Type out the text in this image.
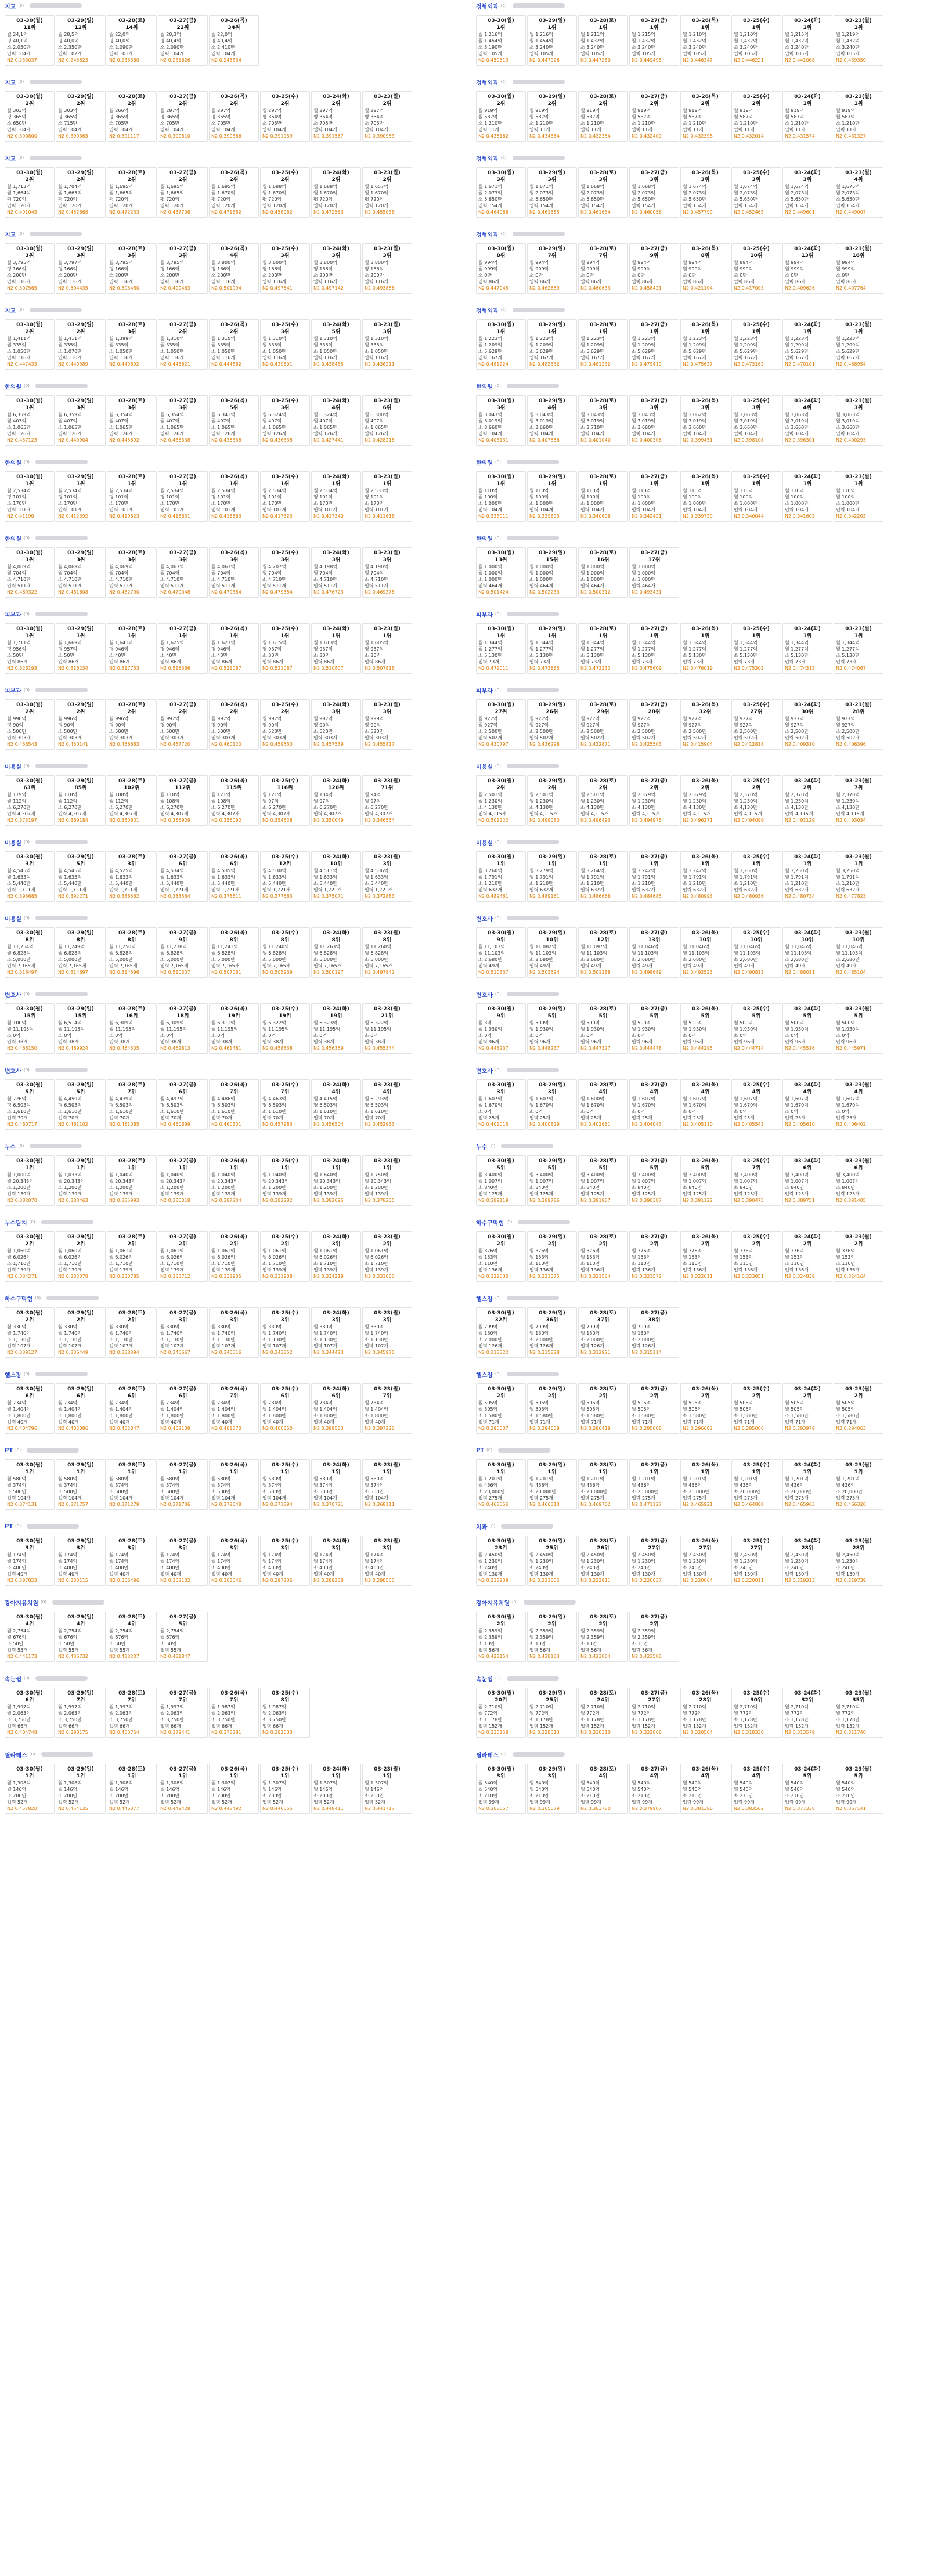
지교 (0)
03-30(월)
11위
월 24,1억
평 40,1억
소 2,050만
입력 104개
N2 0.253037
03-29(일)
12위
월 28,5억
평 40,0억
소 2,350만
입력 102개
N2 0.245823
03-28(토)
14위
월 22,0억
평 40,0억
소 2,090만
입력 101개
N2 0.235360
03-27(금)
22위
월 20,3억
평 40,4억
소 2,090만
입력 104개
N2 0.231626
03-26(목)
34위
월 22,0억
평 40,4억
소 2,410만
입력 104개
N2 0.245834
지교 (0)
03-30(월)
2위
월 303억
평 365억
소 650만
입력 104개
N2 0.390800
03-29(일)
2위
월 303억
평 365억
소 715만
입력 104개
N2 0.390363
03-28(토)
2위
월 266억
평 365억
소 705만
입력 104개
N2 0.391117
03-27(금)
2위
월 297억
평 365억
소 705만
입력 104개
N2 0.390810
03-26(목)
2위
월 297억
평 365억
소 705만
입력 104개
N2 0.390366
03-25(수)
2위
월 297억
평 364억
소 705만
입력 104개
N2 0.391959
03-24(화)
2위
월 297억
평 364억
소 705만
입력 104개
N2 0.391567
03-23(월)
2위
월 297억
평 364억
소 705만
입력 104개
N2 0.390953
지교 (0)
03-30(월)
2위
월 1,713억
월 1,664억
평 720억
입력 120개
N2 0.491043
03-29(일)
2위
월 1,704억
월 1,665억
평 720억
입력 120개
N2 0.457668
03-28(토)
2위
월 1,695억
월 1,665억
평 720억
입력 120개
N2 0.472233
03-27(금)
2위
월 1,695억
월 1,665억
평 720억
입력 120개
N2 0.457706
03-26(목)
2위
월 1,695억
월 1,670억
평 720억
입력 120개
N2 0.471582
03-25(수)
2위
월 1,688억
월 1,670억
평 720억
입력 120개
N2 0.458062
03-24(화)
2위
월 1,688억
월 1,670억
평 720억
입력 120개
N2 0.472563
03-23(월)
2위
월 1,657억
월 1,670억
평 720억
입력 120개
N2 0.455036
지교 (0)
03-30(월)
3위
월 3,795억
평 166억
소 200만
입력 116개
N2 0.507565
03-29(일)
3위
월 3,797억
평 166억
소 200만
입력 116개
N2 0.504435
03-28(토)
3위
월 3,795억
평 166억
소 200만
입력 116개
N2 0.505480
03-27(금)
3위
월 3,795억
평 166억
소 200만
입력 116개
N2 0.499463
03-26(목)
4위
월 3,800억
평 166억
소 200만
입력 116개
N2 0.501994
03-25(수)
3위
월 3,800억
평 166억
소 200만
입력 116개
N2 0.497541
03-24(화)
3위
월 3,800억
평 166억
소 200만
입력 116개
N2 0.497142
03-23(월)
3위
월 3,800억
평 166억
소 200만
입력 116개
N2 0.493856
지교 (0)
03-30(월)
2위
월 1,411억
월 335억
소 1,050만
입력 116개
N2 0.447433
03-29(일)
2위
월 1,411억
월 335억
소 1,070만
입력 116개
N2 0.449389
03-28(토)
3위
월 1,399억
월 335억
소 1,050만
입력 116개
N2 0.449692
03-27(금)
2위
월 1,310억
월 335억
소 1,050만
입력 116개
N2 0.446621
03-26(목)
2위
월 1,310억
월 335억
소 1,050만
입력 116개
N2 0.444862
03-25(수)
3위
월 1,310억
월 335억
소 1,050만
입력 116개
N2 0.439601
03-24(화)
5위
월 1,310억
월 335억
소 1,050만
입력 116개
N2 0.438455
03-23(월)
3위
월 1,310억
월 335억
소 1,050만
입력 116개
N2 0.436211
한의원 (0)
03-30(월)
3위
월 6,359억
월 407억
소 1,065만
입력 126개
N2 0.457123
03-29(일)
3위
월 6,359억
월 407억
소 1,065만
입력 126개
N2 0.449904
03-28(토)
3위
월 6,354억
월 407억
소 1,065만
입력 126개
N2 0.445692
03-27(금)
3위
월 6,354억
월 407억
소 1,065만
입력 126개
N2 0.436338
03-26(목)
5위
월 6,341억
월 407억
소 1,065만
입력 126개
N2 0.436338
03-25(수)
3위
월 6,324억
월 407억
소 1,065만
입력 126개
N2 0.436338
03-24(화)
4위
월 6,324억
월 407억
소 1,065만
입력 126개
N2 0.427441
03-23(월)
6위
월 6,300억
월 407억
소 1,065만
입력 126개
N2 0.428218
한의원 (0)
03-30(월)
1위
월 2,534억
평 101억
소 170만
입력 101개
N2 0.41190
03-29(일)
1위
월 2,534억
평 101억
소 170만
입력 101개
N2 0.412392
03-28(토)
1위
월 2,534억
평 101억
소 170만
입력 101개
N2 0.419823
03-27(금)
1위
월 2,534억
평 101억
소 170만
입력 101개
N2 0.418831
03-26(목)
1위
월 2,534억
평 101억
소 170만
입력 101개
N2 0.416563
03-25(수)
1위
월 2,534억
평 101억
소 170만
입력 101개
N2 0.417323
03-24(화)
1위
월 2,534억
평 101억
소 170만
입력 101개
N2 0.417340
03-23(월)
1위
월 2,533억
평 101억
소 170만
입력 101개
N2 0.411616
한의원 (0)
03-30(월)
3위
월 4,069억
월 704억
소 4,710만
입력 511개
N2 0.469322
03-29(일)
3위
월 4,069억
월 704억
소 4,710만
입력 511개
N2 0.481608
03-28(토)
3위
월 4,069억
월 704억
소 4,710만
입력 511개
N2 0.482790
03-27(금)
3위
월 4,063억
월 704억
소 4,710만
입력 511개
N2 0.470048
03-26(목)
3위
월 4,063억
월 704억
소 4,710만
입력 511개
N2 0.479384
03-25(수)
3위
월 4,207억
월 704억
소 4,710만
입력 511개
N2 0.479384
03-24(화)
3위
월 4,198억
월 704억
소 4,710만
입력 511개
N2 0.476723
03-23(월)
3위
월 4,190억
월 704억
소 4,710만
입력 511개
N2 0.469378
피부과 (0)
03-30(월)
1위
월 1,711억
평 956억
소 50만
입력 86개
N2 0.526193
03-29(일)
1위
월 1,669억
평 957억
소 50만
입력 86개
N2 0.516234
03-28(토)
1위
월 1,641억
평 946억
소 40만
입력 86개
N2 0.517753
03-27(금)
1위
월 1,625억
평 946억
소 40만
입력 86개
N2 0.515366
03-26(목)
1위
월 1,623억
평 946억
소 40만
입력 86개
N2 0.521087
03-25(수)
1위
월 1,615억
평 937억
소 30만
입력 86개
N2 0.521087
03-24(화)
1위
월 1,613억
평 937억
소 30만
입력 86개
N2 0.510807
03-23(월)
1위
월 1,605억
평 937억
소 30만
입력 86개
N2 0.507816
피부과 (0)
03-30(월)
2위
월 998억
평 90억
소 500만
입력 303개
N2 0.456543
03-29(일)
2위
월 996억
평 90억
소 500만
입력 303개
N2 0.450141
03-28(토)
2위
월 996억
평 90억
소 500만
입력 303개
N2 0.456683
03-27(금)
2위
월 997억
평 90억
소 500만
입력 303개
N2 0.457720
03-26(목)
2위
월 997억
평 90억
소 500만
입력 303개
N2 0.460120
03-25(수)
2위
월 997억
평 90억
소 520만
입력 303개
N2 0.459530
03-24(화)
3위
월 997억
평 90억
소 520만
입력 303개
N2 0.457539
03-23(월)
3위
월 999억
평 90억
소 520만
입력 303개
N2 0.455817
미용실 (0)
03-30(월)
63위
월 119억
월 112억
소 6,270만
입력 4,307개
N2 0.373197
03-29(일)
85위
월 118억
월 112억
소 6,270만
입력 4,307개
N2 0.369184
03-28(토)
102위
월 108억
월 112억
소 6,270만
입력 4,307개
N2 0.360601
03-27(금)
112위
월 118억
월 108억
소 6,270만
입력 4,307개
N2 0.356929
03-26(목)
115위
월 121억
월 108억
소 6,270만
입력 4,307개
N2 0.356092
03-25(수)
116위
월 121억
월 97억
소 6,270만
입력 4,307개
N2 0.354528
03-24(화)
120위
월 104억
월 97억
소 6,270만
입력 4,307개
N2 0.350049
03-23(월)
71위
월 94억
월 97억
소 6,270만
입력 4,307개
N2 0.346554
미용실 (0)
03-30(월)
3위
월 4,545억
월 1,633억
소 5,440만
입력 1,721개
N2 0.393685
03-29(일)
5위
월 4,545억
월 1,633억
소 5,440만
입력 1,721개
N2 0.392271
03-28(토)
3위
월 4,525억
월 1,633억
소 5,440만
입력 1,721개
N2 0.388562
03-27(금)
6위
월 4,534억
월 1,633억
소 5,440만
입력 1,721개
N2 0.383564
03-26(목)
6위
월 4,535억
월 1,633억
소 5,440만
입력 1,721개
N2 0.378611
03-25(수)
12위
월 4,530억
월 1,633억
소 5,440만
입력 1,721개
N2 0.377663
03-24(화)
10위
월 4,511억
월 1,633억
소 5,440만
입력 1,721개
N2 0.375071
03-23(월)
3위
월 4,536억
월 1,633억
소 5,440만
입력 1,721개
N2 0.372883
미용실 (0)
03-30(월)
8위
월 11,254억
월 6,828억
소 5,000만
입력 7,165개
N2 0.518497
03-29(일)
8위
월 11,249억
월 6,828억
소 5,000만
입력 7,165개
N2 0.514697
03-28(토)
8위
월 11,250억
월 6,828억
소 5,000만
입력 7,165개
N2 0.514596
03-27(금)
9위
월 11,238억
월 6,828억
소 5,000만
입력 7,165개
N2 0.510307
03-26(목)
8위
월 11,241억
월 6,828억
소 5,000만
입력 7,165개
N2 0.507061
03-25(수)
8위
월 11,240억
월 6,828억
소 5,000만
입력 7,165개
N2 0.505939
03-24(화)
8위
월 11,263억
월 6,828억
소 5,000만
입력 7,165개
N2 0.500197
03-23(월)
8위
월 11,260억
월 6,828억
소 5,000만
입력 7,165개
N2 0.497842
변호사 (0)
03-30(월)
15위
월 100억
월 11,195억
소 0억
입력 38개
N2 0.466150
03-29(일)
15위
월 6,514억
월 11,195억
소 0억
입력 38개
N2 0.469924
03-28(토)
16위
월 6,309억
월 11,195억
소 0억
입력 38개
N2 0.464505
03-27(금)
18위
월 6,309억
월 11,195억
소 0억
입력 38개
N2 0.462813
03-26(목)
19위
월 6,311억
월 11,195억
소 0억
입력 38개
N2 0.461481
03-25(수)
19위
월 6,322억
월 11,195억
소 0억
입력 38개
N2 0.458338
03-24(화)
19위
월 6,323억
월 11,195억
소 0억
입력 38개
N2 0.456359
03-23(월)
21위
월 6,322억
월 11,195억
소 0억
입력 38개
N2 0.455344
변호사 (0)
03-30(월)
5위
월 726억
평 6,503억
소 1,610만
입력 70개
N2 0.460717
03-29(일)
5위
월 4,459억
평 6,503억
소 1,610만
입력 70개
N2 0.461102
03-28(토)
7위
월 4,439억
평 6,503억
소 1,610만
입력 70개
N2 0.461085
03-27(금)
6위
월 4,497억
평 6,503억
소 1,610만
입력 70개
N2 0.460699
03-26(목)
7위
월 4,486억
평 6,503억
소 1,610만
입력 70개
N2 0.460301
03-25(수)
7위
월 4,463억
평 6,503억
소 1,610만
입력 70개
N2 0.457983
03-24(화)
4위
월 4,415억
평 6,503억
소 1,610만
입력 70개
N2 0.456504
03-23(월)
4위
월 6,293억
평 6,503억
소 1,610만
입력 70개
N2 0.452933
누수 (0)
03-30(월)
1위
월 1,000억
월 20,343억
소 1,200만
입력 139개
N2 0.382070
03-29(일)
1위
월 1,033억
월 20,343억
소 1,200만
입력 139개
N2 0.383463
03-28(토)
1위
월 1,040억
월 20,343억
소 1,200만
입력 139개
N2 0.385993
03-27(금)
1위
월 1,040억
월 20,343억
소 1,200만
입력 139개
N2 0.386018
03-26(목)
1위
월 1,040억
월 20,343억
소 1,200만
입력 139개
N2 0.387204
03-25(수)
1위
월 1,040억
월 20,343억
소 1,200만
입력 139개
N2 0.382282
03-24(화)
1위
월 1,640억
월 20,343억
소 1,200만
입력 139개
N2 0.382095
03-23(월)
1위
월 1,750억
월 20,343억
소 1,200만
입력 139개
N2 0.378205
누수탐지 (0)
03-30(월)
2위
월 1,060억
월 6,026억
소 1,710만
입력 139개
N2 0.334271
03-29(일)
2위
월 1,060억
월 6,026억
소 1,710만
입력 139개
N2 0.332378
03-28(토)
2위
월 1,061억
월 6,026억
소 1,710만
입력 139개
N2 0.333785
03-27(금)
2위
월 1,061억
월 6,026억
소 1,710만
입력 139개
N2 0.333712
03-26(목)
2위
월 1,061억
월 6,026억
소 1,710만
입력 139개
N2 0.332905
03-25(수)
2위
월 1,061억
월 6,026억
소 1,710만
입력 139개
N2 0.331908
03-24(화)
3위
월 1,061억
월 6,026억
소 1,710만
입력 139개
N2 0.334219
03-23(월)
2위
월 1,061억
월 6,026억
소 1,710만
입력 139개
N2 0.331060
하수구막힘 (0)
03-30(월)
2위
월 330억
월 1,740억
소 1,130만
입력 107개
N2 0.339127
03-29(일)
2위
월 330억
월 1,740억
소 1,130만
입력 107개
N2 0.336449
03-28(토)
2위
월 330억
월 1,740억
소 1,130만
입력 107개
N2 0.338394
03-27(금)
3위
월 330억
월 1,740억
소 1,130만
입력 107개
N2 0.346667
03-26(목)
3위
월 330억
월 1,740억
소 1,130만
입력 107개
N2 0.340516
03-25(수)
3위
월 330억
월 1,740억
소 1,130만
입력 107개
N2 0.343852
03-24(화)
3위
월 330억
월 1,740억
소 1,130만
입력 107개
N2 0.344423
03-23(월)
3위
월 330억
월 1,740억
소 1,130만
입력 107개
N2 0.345970
헬스장 (0)
03-30(월)
6위
월 734억
월 1,404억
소 1,800만
입력 40개
N2 0.404796
03-29(일)
6위
월 734억
월 1,404억
소 1,800만
입력 40개
N2 0.402086
03-28(토)
6위
월 734억
월 1,404억
소 1,800만
입력 40개
N2 0.402047
03-27(금)
6위
월 734억
월 1,404억
소 1,800만
입력 40개
N2 0.402139
03-26(목)
7위
월 734억
월 1,404억
소 1,800만
입력 40개
N2 0.401870
03-25(수)
6위
월 734억
월 1,404억
소 1,800만
입력 40개
N2 0.400350
03-24(화)
6위
월 734억
월 1,404억
소 1,800만
입력 40개
N2 0.399563
03-23(월)
7위
월 734억
월 1,404억
소 1,800만
입력 40개
N2 0.397226
PT (0)
03-30(월)
1위
월 580억
월 374억
소 500만
입력 104개
N2 0.374131
03-29(일)
1위
월 580억
월 374억
소 500만
입력 104개
N2 0.371757
03-28(토)
1위
월 580억
월 374억
소 500만
입력 104개
N2 0.371279
03-27(금)
1위
월 580억
월 374억
소 500만
입력 104개
N2 0.371736
03-26(목)
1위
월 580억
월 374억
소 500만
입력 104개
N2 0.372648
03-25(수)
1위
월 580억
월 374억
소 500만
입력 104개
N2 0.371894
03-24(화)
1위
월 580억
월 374억
소 500만
입력 104개
N2 0.370721
03-23(월)
1위
월 580억
월 374억
소 500만
입력 104개
N2 0.368111
PT (0)
03-30(월)
3위
월 174억
월 174억
소 400만
입력 40개
N2 0.297823
03-29(일)
3위
월 174억
월 174억
소 400만
입력 40개
N2 0.300115
03-28(토)
3위
월 174억
월 174억
소 400만
입력 40개
N2 0.306496
03-27(금)
3위
월 174억
월 174억
소 400만
입력 40개
N2 0.302102
03-26(목)
3위
월 174억
월 174억
소 400만
입력 40개
N2 0.303046
03-25(수)
3위
월 174억
월 174억
소 400만
입력 40개
N2 0.297236
03-24(화)
3위
월 174억
월 174억
소 400만
입력 40개
N2 0.299258
03-23(월)
3위
월 174억
월 174억
소 400만
입력 40개
N2 0.298555
강아지유치원 (0)
03-30(월)
4위
월 2,754억
월 676억
소 50만
입력 55개
N2 0.441173
03-29(일)
4위
월 2,754억
월 676억
소 50만
입력 55개
N2 0.436732
03-28(토)
4위
월 2,754억
월 676억
소 50만
입력 55개
N2 0.433207
03-27(금)
5위
월 2,754억
월 676억
소 50만
입력 55개
N2 0.431847
속눈썹 (0)
03-30(월)
6위
월 1,997억
월 2,063억
소 3,750만
입력 66개
N2 0.404748
03-29(일)
7위
월 1,997억
월 2,063억
소 3,750만
입력 66개
N2 0.398175
03-28(토)
7위
월 1,997억
월 2,063억
소 3,750만
입력 66개
N2 0.403754
03-27(금)
7위
월 1,997억
월 2,063억
소 3,750만
입력 66개
N2 0.379441
03-26(목)
7위
월 1,987억
월 2,063억
소 3,750만
입력 66개
N2 0.378281
03-25(수)
8위
월 1,987억
월 2,063억
소 3,750만
입력 66개
N2 0.382633
필라테스 (0)
03-30(월)
1위
월 1,308억
월 146억
소 200만
입력 52개
N2 0.457820
03-29(일)
1위
월 1,308억
월 146억
소 200만
입력 52개
N2 0.454135
03-28(토)
1위
월 1,308억
월 146억
소 200만
입력 52개
N2 0.446377
03-27(금)
1위
월 1,308억
월 146억
소 200만
입력 52개
N2 0.449428
03-26(목)
1위
월 1,307억
월 146억
소 200만
입력 52개
N2 0.448492
03-25(수)
1위
월 1,307억
월 146억
소 200만
입력 52개
N2 0.446555
03-24(화)
1위
월 1,307억
월 146억
소 200만
입력 52개
N2 0.448411
03-23(월)
1위
월 1,307억
월 146억
소 200만
입력 52개
N2 0.441717
정형외과 (0)
03-30(월)
1위
월 1,216억
월 1,454억
소 3,190만
입력 105개
N2 0.450613
03-29(일)
1위
월 1,216억
월 1,454억
소 3,240만
입력 105개
N2 0.447926
03-28(토)
1위
월 1,211억
월 1,432억
소 3,240만
입력 105개
N2 0.447260
03-27(금)
1위
월 1,215억
월 1,432억
소 3,240만
입력 105개
N2 0.449495
03-26(목)
1위
월 1,210억
월 1,432억
소 3,240만
입력 105개
N2 0.446347
03-25(수)
1위
월 1,210억
월 1,432억
소 3,240만
입력 105개
N2 0.446221
03-24(화)
1위
월 1,215억
월 1,432억
소 3,240만
입력 105개
N2 0.441068
03-23(월)
1위
월 1,219억
월 1,432억
소 3,240만
입력 105개
N2 0.439350
정형외과 (0)
03-30(월)
2위
월 919억
월 587억
소 1,210만
입력 11개
N2 0.436162
03-29(일)
2위
월 919억
월 587억
소 1,210만
입력 11개
N2 0.434364
03-28(토)
2위
월 919억
월 587억
소 1,210만
입력 11개
N2 0.432384
03-27(금)
2위
월 919억
월 587억
소 1,210만
입력 11개
N2 0.432400
03-26(목)
2위
월 919억
월 587억
소 1,210만
입력 11개
N2 0.432398
03-25(수)
2위
월 919억
월 587억
소 1,210만
입력 11개
N2 0.432014
03-24(화)
1위
월 919억
월 587억
소 1,210만
입력 11개
N2 0.431574
03-23(월)
1위
월 919억
월 587억
소 1,210만
입력 11개
N2 0.431327
정형외과 (0)
03-30(월)
3위
월 1,671억
월 2,073억
소 5,650만
입력 154개
N2 0.464066
03-29(일)
3위
월 1,671억
월 2,073억
소 5,650만
입력 154개
N2 0.461585
03-28(토)
3위
월 1,668억
월 2,073억
소 5,650만
입력 154개
N2 0.461684
03-27(금)
3위
월 1,668억
월 2,073억
소 5,650만
입력 154개
N2 0.460056
03-26(목)
3위
월 1,674억
월 2,073억
소 5,650만
입력 154개
N2 0.457799
03-25(수)
3위
월 1,674억
월 2,073억
소 5,650만
입력 154개
N2 0.452465
03-24(화)
3위
월 1,674억
월 2,073억
소 5,650만
입력 154개
N2 0.449601
03-23(월)
4위
월 1,675억
월 2,073억
소 5,650만
입력 154개
N2 0.449007
정형외과 (0)
03-30(월)
8위
월 994억
월 999억
소 0만
입력 86개
N2 0.447045
03-29(일)
7위
월 994억
월 999억
소 0만
입력 86개
N2 0.462659
03-28(토)
7위
월 994억
월 999억
소 0만
입력 86개
N2 0.460633
03-27(금)
9위
월 994억
월 999억
소 0만
입력 86개
N2 0.458421
03-26(목)
8위
월 994억
월 999억
소 0만
입력 86개
N2 0.421104
03-25(수)
10위
월 994억
월 999억
소 0만
입력 86개
N2 0.417003
03-24(화)
13위
월 994억
월 999억
소 0만
입력 86개
N2 0.409626
03-23(월)
16위
월 994억
월 999억
소 0만
입력 86개
N2 0.407764
정형외과 (0)
03-30(월)
1위
월 1,223억
월 1,209억
소 5,629만
입력 167개
N2 0.481224
03-29(일)
1위
월 1,223억
월 1,209억
소 5,629만
입력 167개
N2 0.482332
03-28(토)
1위
월 1,223억
월 1,209억
소 5,629만
입력 167개
N2 0.481232
03-27(금)
1위
월 1,223억
월 1,209억
소 5,629만
입력 167개
N2 0.479419
03-26(목)
1위
월 1,223억
월 1,209억
소 5,629만
입력 167개
N2 0.475637
03-25(수)
1위
월 1,223억
월 1,209억
소 5,629만
입력 167개
N2 0.473163
03-24(화)
1위
월 1,223억
월 1,209억
소 5,629만
입력 167개
N2 0.470101
03-23(월)
1위
월 1,223억
월 1,209억
소 5,629만
입력 167개
N2 0.468954
한의원 (0)
03-30(월)
3위
월 3,043억
월 3,019억
소 3,660만
입력 104개
N2 0.403131
03-29(일)
4위
월 3,043억
월 3,019억
소 3,660만
입력 104개
N2 0.407556
03-28(토)
3위
월 3,043억
월 3,019억
소 3,710만
입력 104개
N2 0.401040
03-27(금)
3위
월 3,043억
월 3,019억
소 3,660만
입력 104개
N2 0.400306
03-26(목)
3위
월 3,062억
월 3,019억
소 3,660만
입력 104개
N2 0.399451
03-25(수)
3위
월 3,063억
월 3,019억
소 3,660만
입력 104개
N2 0.398108
03-24(화)
4위
월 3,063억
월 3,019억
소 3,660만
입력 104개
N2 0.396301
03-23(월)
3위
월 3,063억
월 3,019억
소 3,660만
입력 104개
N2 0.400293
한의원 (0)
03-30(월)
1위
월 110억
월 100억
소 1,000만
입력 104개
N2 0.338911
03-29(일)
1위
월 110억
월 100억
소 1,000만
입력 104개
N2 0.339693
03-28(토)
1위
월 110억
월 100억
소 1,000만
입력 104개
N2 0.340606
03-27(금)
1위
월 110억
월 100억
소 1,000만
입력 104개
N2 0.342421
03-26(목)
1위
월 110억
월 100억
소 1,000만
입력 104개
N2 0.339739
03-25(수)
1위
월 110억
월 100억
소 1,000만
입력 104개
N2 0.340044
03-24(화)
1위
월 110억
월 100억
소 1,000만
입력 104개
N2 0.341603
03-23(월)
1위
월 110억
월 100억
소 1,000만
입력 104개
N2 0.342203
한의원 (0)
03-30(월)
13위
월 1,000억
월 1,000억
소 1,000만
입력 464개
N2 0.501424
03-29(일)
15위
월 1,000억
월 1,000억
소 1,000만
입력 464개
N2 0.502233
03-28(토)
16위
월 1,000억
월 1,000억
소 1,000만
입력 464개
N2 0.500312
03-27(금)
17위
월 1,000억
월 1,000억
소 1,000만
입력 464개
N2 0.493431
피부과 (0)
03-30(월)
1위
월 1,344억
월 1,277억
소 5,130만
입력 73개
N2 0.479011
03-29(일)
1위
월 1,344억
월 1,277억
소 5,130만
입력 73개
N2 0.473865
03-28(토)
1위
월 1,344억
월 1,277억
소 5,130만
입력 73개
N2 0.473232
03-27(금)
1위
월 1,344억
월 1,277억
소 5,130만
입력 73개
N2 0.475609
03-26(목)
1위
월 1,344억
월 1,277억
소 5,130만
입력 73개
N2 0.476019
03-25(수)
1위
월 1,344억
월 1,277억
소 5,130만
입력 73개
N2 0.475302
03-24(화)
1위
월 1,344억
월 1,277억
소 5,130만
입력 73개
N2 0.474313
03-23(월)
1위
월 1,344억
월 1,277억
소 5,130만
입력 73개
N2 0.474067
피부과 (0)
03-30(월)
27위
월 927억
월 927억
소 2,500만
입력 502개
N2 0.430797
03-29(일)
26위
월 927억
월 927억
소 2,500만
입력 502개
N2 0.436298
03-28(토)
29위
월 927억
월 927억
소 2,500만
입력 502개
N2 0.432871
03-27(금)
28위
월 927억
월 927억
소 2,500만
입력 502개
N2 0.425503
03-26(목)
32위
월 927억
월 927억
소 2,500만
입력 502개
N2 0.415904
03-25(수)
27위
월 927억
월 927억
소 2,500만
입력 502개
N2 0.412818
03-24(화)
30위
월 927억
월 927억
소 2,500만
입력 502개
N2 0.409310
03-23(월)
28위
월 927억
월 927억
소 2,500만
입력 502개
N2 0.406396
미용실 (0)
03-30(월)
2위
월 2,501억
월 1,230억
소 4,130만
입력 4,115개
N2 0.501222
03-29(일)
2위
월 2,501억
월 1,230억
소 4,130만
입력 4,115개
N2 0.499080
03-28(토)
2위
월 2,501억
월 1,230억
소 4,130만
입력 4,115개
N2 0.496493
03-27(금)
2위
월 2,379억
월 1,230억
소 4,130만
입력 4,115개
N2 0.494975
03-26(목)
2위
월 2,379억
월 1,230억
소 4,130만
입력 4,115개
N2 0.496271
03-25(수)
2위
월 2,370억
월 1,230억
소 4,130만
입력 4,115개
N2 0.494099
03-24(화)
2위
월 2,370억
월 1,230억
소 4,130만
입력 4,115개
N2 0.491129
03-23(월)
7위
월 2,370억
월 1,230억
소 4,130만
입력 4,115개
N2 0.493034
미용실 (0)
03-30(월)
1위
월 3,260억
월 1,791억
소 1,210만
입력 632개
N2 0.489461
03-29(일)
1위
월 3,279억
월 1,791억
소 1,210만
입력 632개
N2 0.489161
03-28(토)
1위
월 3,264억
월 1,791억
소 1,210만
입력 632개
N2 0.486666
03-27(금)
1위
월 3,242억
월 1,791억
소 1,210만
입력 632개
N2 0.484685
03-26(목)
1위
월 3,242억
월 1,791억
소 1,210만
입력 632개
N2 0.480993
03-25(수)
1위
월 3,250억
월 1,791억
소 1,210만
입력 632개
N2 0.480036
03-24(화)
1위
월 3,250억
월 1,791억
소 1,210만
입력 632개
N2 0.480734
03-23(월)
1위
월 3,250억
월 1,791억
소 1,210만
입력 632개
N2 0.477823
변호사 (0)
03-30(월)
9위
월 11,103억
월 11,103억
소 2,680만
입력 49개
N2 0.510337
03-29(일)
10위
월 11,082억
월 11,103억
소 2,680만
입력 49개
N2 0.503594
03-28(토)
12위
월 11,097억
월 11,103억
소 2,680만
입력 49개
N2 0.501288
03-27(금)
13위
월 11,046억
월 11,103억
소 2,680만
입력 49개
N2 0.498689
03-26(목)
10위
월 11,046억
월 11,103억
소 2,680만
입력 49개
N2 0.492523
03-25(수)
10위
월 11,046억
월 11,103억
소 2,680만
입력 49개
N2 0.490813
03-24(화)
10위
월 11,046억
월 11,103억
소 2,680만
입력 49개
N2 0.488011
03-23(월)
10위
월 11,046억
월 11,103억
소 2,680만
입력 49개
N2 0.485104
변호사 (0)
03-30(월)
9위
월 3억
월 1,930억
소 0억
입력 96개
N2 0.448237
03-29(일)
5위
월 500억
월 1,930억
소 0억
입력 96개
N2 0.448237
03-28(토)
5위
월 500억
월 1,930억
소 0억
입력 96개
N2 0.447327
03-27(금)
5위
월 500억
월 1,930억
소 0억
입력 96개
N2 0.444478
03-26(목)
5위
월 500억
월 1,930억
소 0억
입력 96개
N2 0.444295
03-25(수)
5위
월 500억
월 1,930억
소 0억
입력 96개
N2 0.444714
03-24(화)
5위
월 500억
월 1,930억
소 0억
입력 96개
N2 0.445516
03-23(월)
5위
월 500억
월 1,930억
소 0억
입력 96개
N2 0.445971
변호사 (0)
03-30(월)
3위
월 1,607억
월 1,670억
소 0억
입력 25개
N2 0.401015
03-29(일)
3위
월 1,607억
월 1,670억
소 0억
입력 25개
N2 0.400829
03-28(토)
4위
월 1,600억
월 1,670억
소 0억
입력 25개
N2 0.402661
03-27(금)
4위
월 1,607억
월 1,670억
소 0억
입력 25개
N2 0.404043
03-26(목)
4위
월 1,607억
월 1,670억
소 0억
입력 25개
N2 0.405110
03-25(수)
4위
월 1,607억
월 1,670억
소 0억
입력 25개
N2 0.405543
03-24(화)
4위
월 1,607억
월 1,670억
소 0억
입력 25개
N2 0.405610
03-23(월)
4위
월 1,607억
월 1,670억
소 0억
입력 25개
N2 0.406402
누수 (0)
03-30(월)
5위
월 3,400억
월 1,007억
소 840만
입력 125개
N2 0.389119
03-29(일)
5위
월 3,400억
월 1,007억
소 840만
입력 125개
N2 0.389786
03-28(토)
5위
월 3,400억
월 1,007억
소 840만
입력 125개
N2 0.391967
03-27(금)
5위
월 3,400억
월 1,007억
소 840만
입력 125개
N2 0.390387
03-26(목)
5위
월 3,400억
월 1,007억
소 840만
입력 125개
N2 0.391122
03-25(수)
7위
월 3,400억
월 1,007억
소 840만
입력 125개
N2 0.390475
03-24(화)
6위
월 3,400억
월 1,007억
소 840만
입력 125개
N2 0.389751
03-23(월)
6위
월 3,400억
월 1,007억
소 840만
입력 125개
N2 0.391405
하수구막힘 (0)
03-30(월)
2위
월 376억
월 153억
소 110만
입력 136개
N2 0.329630
03-29(일)
2위
월 376억
월 153억
소 110만
입력 136개
N2 0.321075
03-28(토)
2위
월 376억
월 153억
소 110만
입력 136개
N2 0.321584
03-27(금)
2위
월 376억
월 153억
소 110만
입력 136개
N2 0.321572
03-26(목)
2위
월 376억
월 153억
소 110만
입력 136개
N2 0.322611
03-25(수)
2위
월 376억
월 153억
소 110만
입력 136개
N2 0.323051
03-24(화)
2위
월 376억
월 153억
소 110만
입력 136개
N2 0.324839
03-23(월)
2위
월 376억
월 153억
소 110만
입력 136개
N2 0.324164
헬스장 (0)
03-30(월)
32위
월 799억
월 130억
소 2,000만
입력 126개
N2 0.318322
03-29(일)
36위
월 799억
월 130억
소 2,000만
입력 126개
N2 0.315828
03-28(토)
37위
월 799억
월 130억
소 2,000만
입력 126개
N2 0.312921
03-27(금)
38위
월 799억
월 130억
소 2,000만
입력 126개
N2 0.315114
헬스장 (0)
03-30(월)
2위
월 505억
월 505억
소 1,580만
입력 71개
N2 0.296007
03-29(일)
2위
월 505억
월 505억
소 1,580만
입력 71개
N2 0.294509
03-28(토)
2위
월 505억
월 505억
소 1,580만
입력 71개
N2 0.296419
03-27(금)
2위
월 505억
월 505억
소 1,580만
입력 71개
N2 0.295008
03-26(목)
2위
월 505억
월 505억
소 1,580만
입력 71개
N2 0.296602
03-25(수)
2위
월 505억
월 505억
소 1,580만
입력 71개
N2 0.295006
03-24(화)
2위
월 505억
월 505억
소 1,580만
입력 71개
N2 0.293979
03-23(월)
2위
월 505억
월 505억
소 1,580만
입력 71개
N2 0.294063
PT (0)
03-30(월)
1위
월 1,201억
월 436억
소 20,000만
입력 275개
N2 0.468556
03-29(일)
1위
월 1,201억
월 436억
소 20,000만
입력 275개
N2 0.466513
03-28(토)
1위
월 1,201억
월 436억
소 20,000만
입력 275개
N2 0.469702
03-27(금)
1위
월 1,201억
월 436억
소 20,000만
입력 275개
N2 0.471127
03-26(목)
1위
월 1,201억
월 436억
소 20,000만
입력 275개
N2 0.465921
03-25(수)
1위
월 1,201억
월 436억
소 20,000만
입력 275개
N2 0.464808
03-24(화)
1위
월 1,201억
월 436억
소 20,000만
입력 275개
N2 0.465963
03-23(월)
1위
월 1,201억
월 436억
소 20,000만
입력 275개
N2 0.466320
치과 (0)
03-30(월)
23위
월 2,450억
월 1,230억
소 240만
입력 130개
N2 0.218909
03-29(일)
25위
월 2,450억
월 1,230억
소 240만
입력 130개
N2 0.221805
03-28(토)
26위
월 2,450억
월 1,230억
소 240만
입력 130개
N2 0.222911
03-27(금)
27위
월 2,450억
월 1,230억
소 240만
입력 130개
N2 0.220037
03-26(목)
27위
월 2,450억
월 1,230억
소 240만
입력 130개
N2 0.220064
03-25(수)
27위
월 2,450억
월 1,230억
소 240만
입력 130개
N2 0.220011
03-24(화)
28위
월 2,450억
월 1,230억
소 240만
입력 130개
N2 0.219313
03-23(월)
28위
월 2,450억
월 1,230억
소 240만
입력 130개
N2 0.219739
강아지유치원 (0)
03-30(월)
2위
월 2,359억
월 2,359억
소 10만
입력 56개
N2 0.428154
03-29(일)
2위
월 2,359억
월 2,359억
소 10만
입력 56개
N2 0.428163
03-28(토)
2위
월 2,359억
월 2,359억
소 10만
입력 56개
N2 0.423064
03-27(금)
2위
월 2,359억
월 2,359억
소 10만
입력 56개
N2 0.423586
속눈썹 (0)
03-30(월)
20위
월 2,710억
월 772억
소 1,178만
입력 152개
N2 0.330158
03-29(일)
25위
월 2,710억
월 772억
소 1,178만
입력 152개
N2 0.328513
03-28(토)
24위
월 2,710억
월 772억
소 1,178만
입력 152개
N2 0.330310
03-27(금)
27위
월 2,710억
월 772억
소 1,178만
입력 152개
N2 0.322866
03-26(목)
28위
월 2,710억
월 772억
소 1,178만
입력 152개
N2 0.320504
03-25(수)
30위
월 2,710억
월 772억
소 1,178만
입력 152개
N2 0.318330
03-24(화)
32위
월 2,710억
월 772억
소 1,178만
입력 152개
N2 0.313579
03-23(월)
35위
월 2,710억
월 772억
소 1,178만
입력 152개
N2 0.311740
필라테스 (0)
03-30(월)
3위
월 540억
월 540억
소 210만
입력 99개
N2 0.368657
03-29(일)
3위
월 540억
월 540억
소 210만
입력 99개
N2 0.365079
03-28(토)
4위
월 540억
월 540억
소 210만
입력 99개
N2 0.363780
03-27(금)
4위
월 540억
월 540억
소 210만
입력 99개
N2 0.379907
03-26(목)
4위
월 540억
월 540억
소 210만
입력 99개
N2 0.381396
03-25(수)
4위
월 540억
월 540억
소 210만
입력 99개
N2 0.383502
03-24(화)
5위
월 540억
월 540억
소 210만
입력 99개
N2 0.377338
03-23(월)
5위
월 540억
월 540억
소 210만
입력 99개
N2 0.367141
